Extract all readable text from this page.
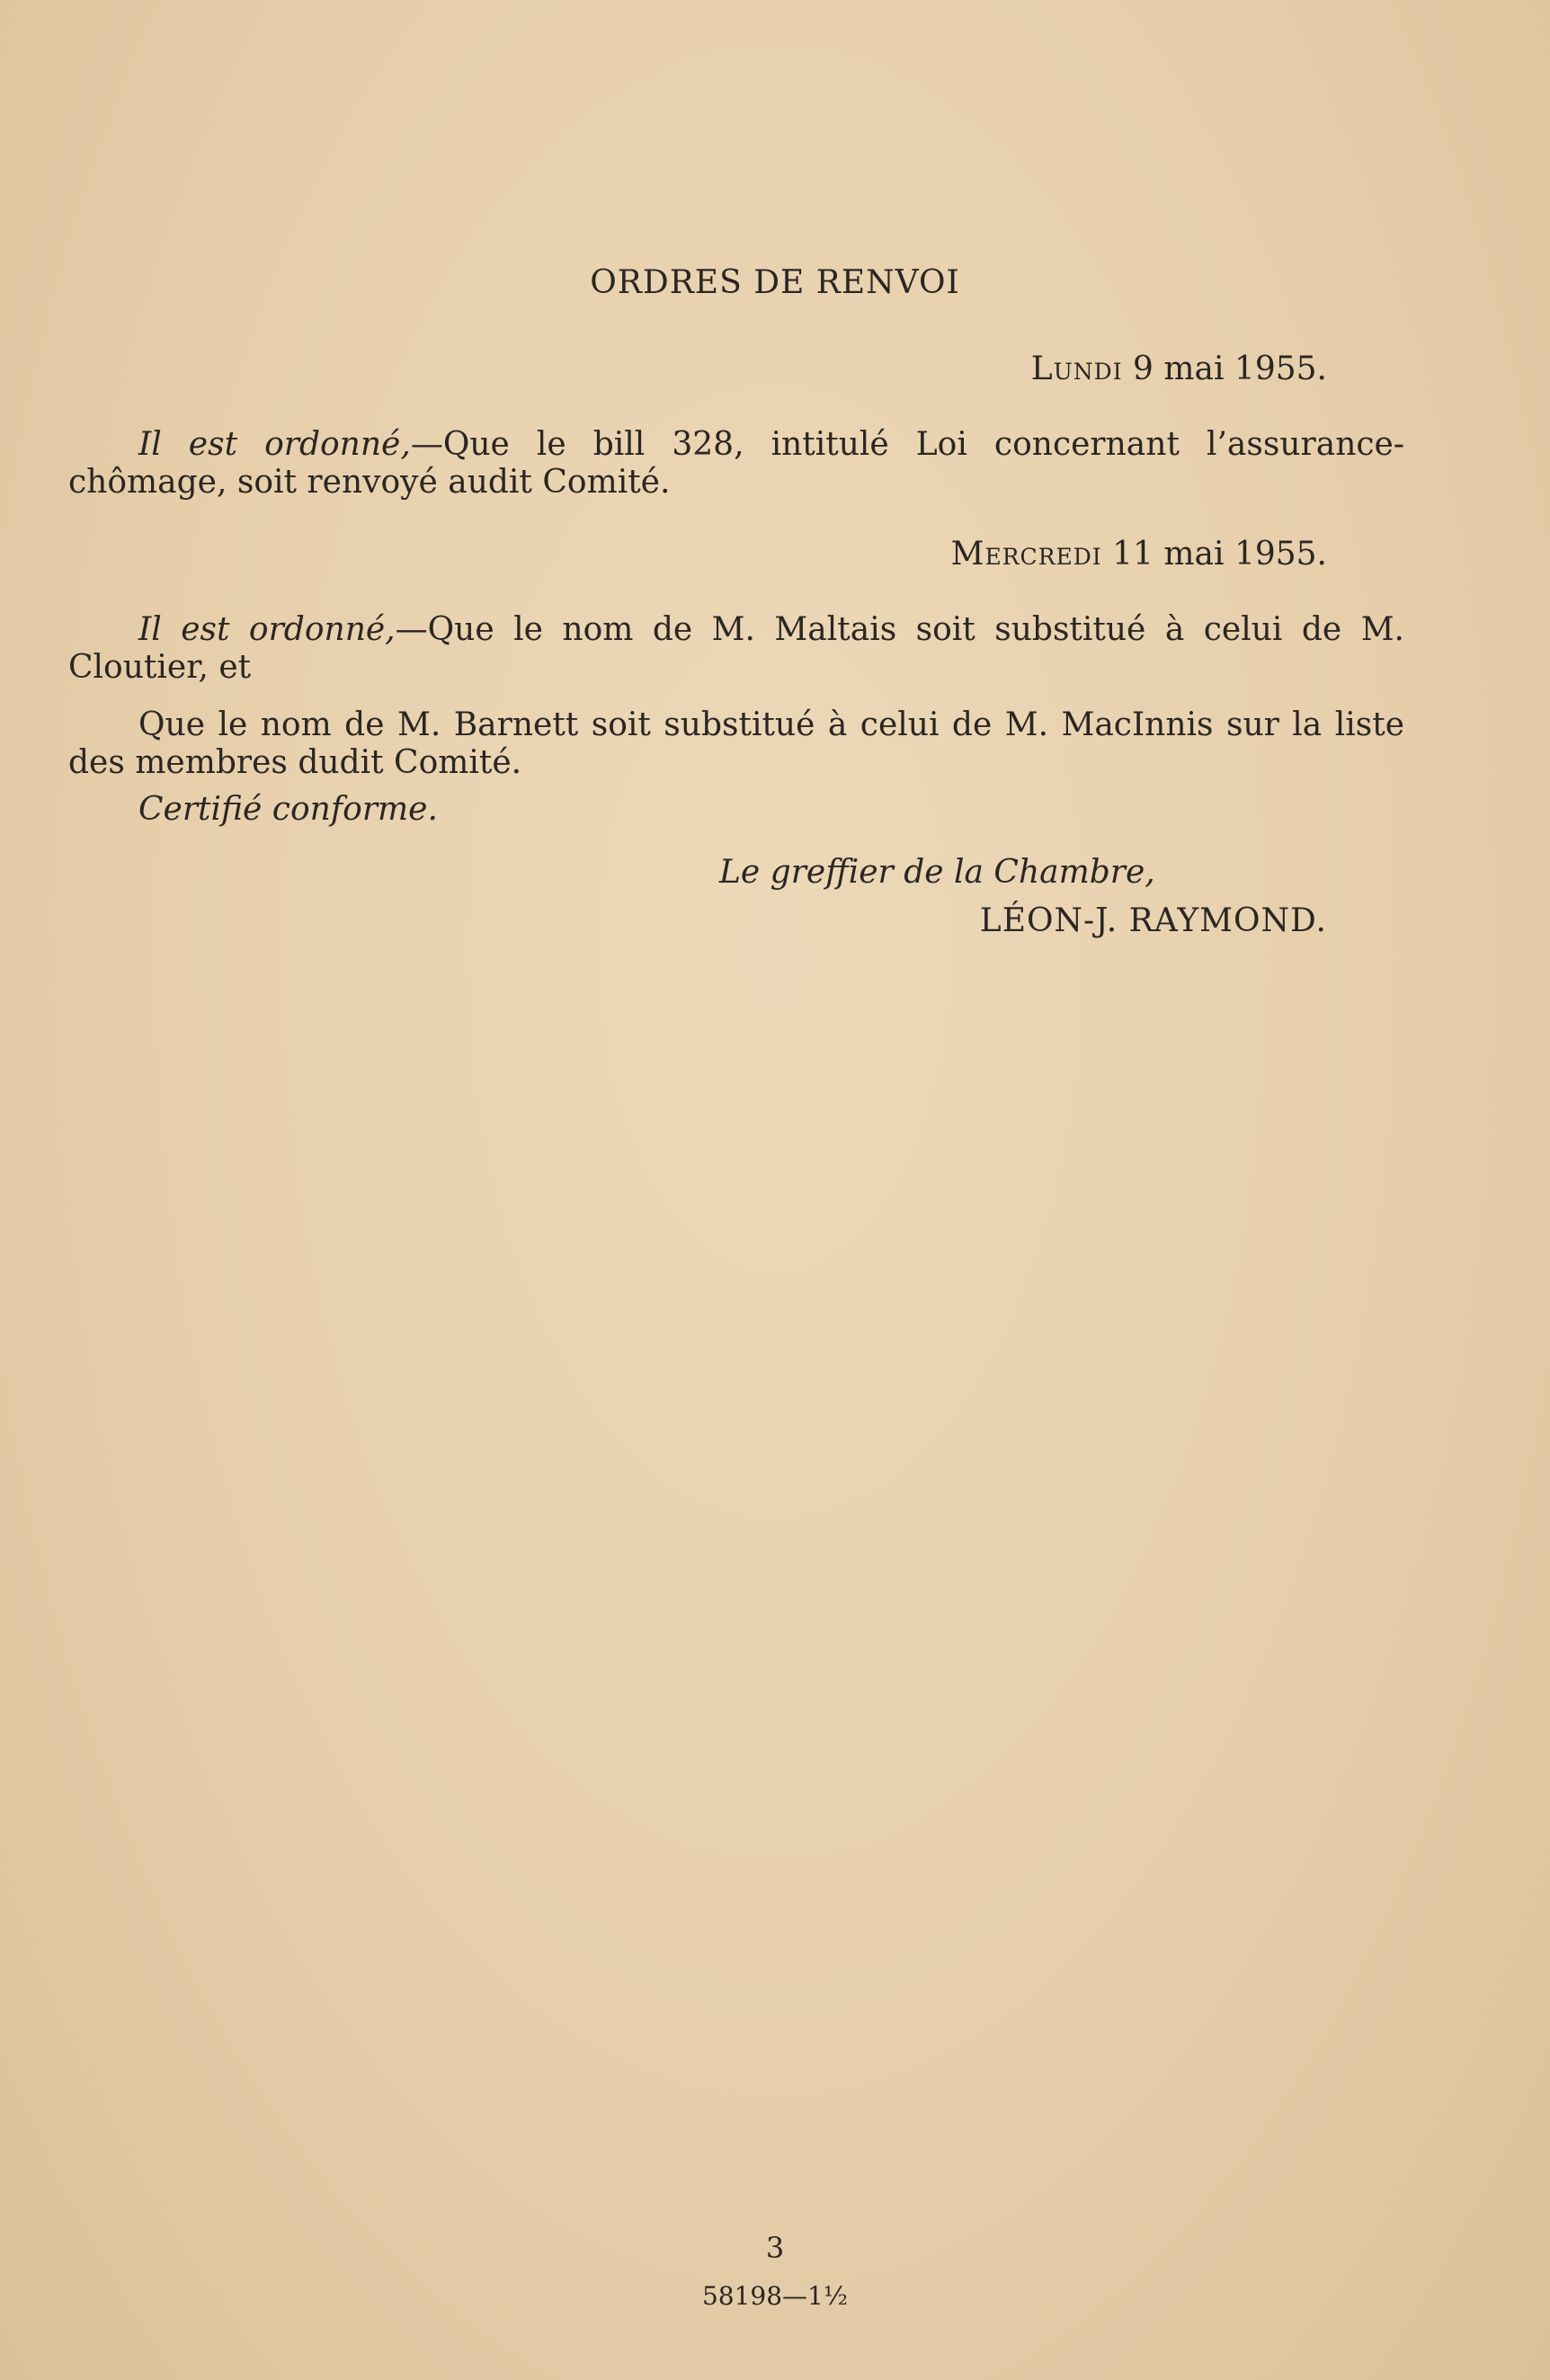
ORDRES DE RENVOI
Lundi 9 mai 1955.
Il est ordonné,—Que le bill 328, intitulé Loi concernant l’assurance-chômage, soit renvoyé audit Comité.
Mercredi 11 mai 1955.
Il est ordonné,—Que le nom de M. Maltais soit substitué à celui de M. Cloutier, et
Que le nom de M. Barnett soit substitué à celui de M. MacInnis sur la liste des membres dudit Comité.
Certifié conforme.
Le greffier de la Chambre,
LÉON-J. RAYMOND.
3
58198—1½
